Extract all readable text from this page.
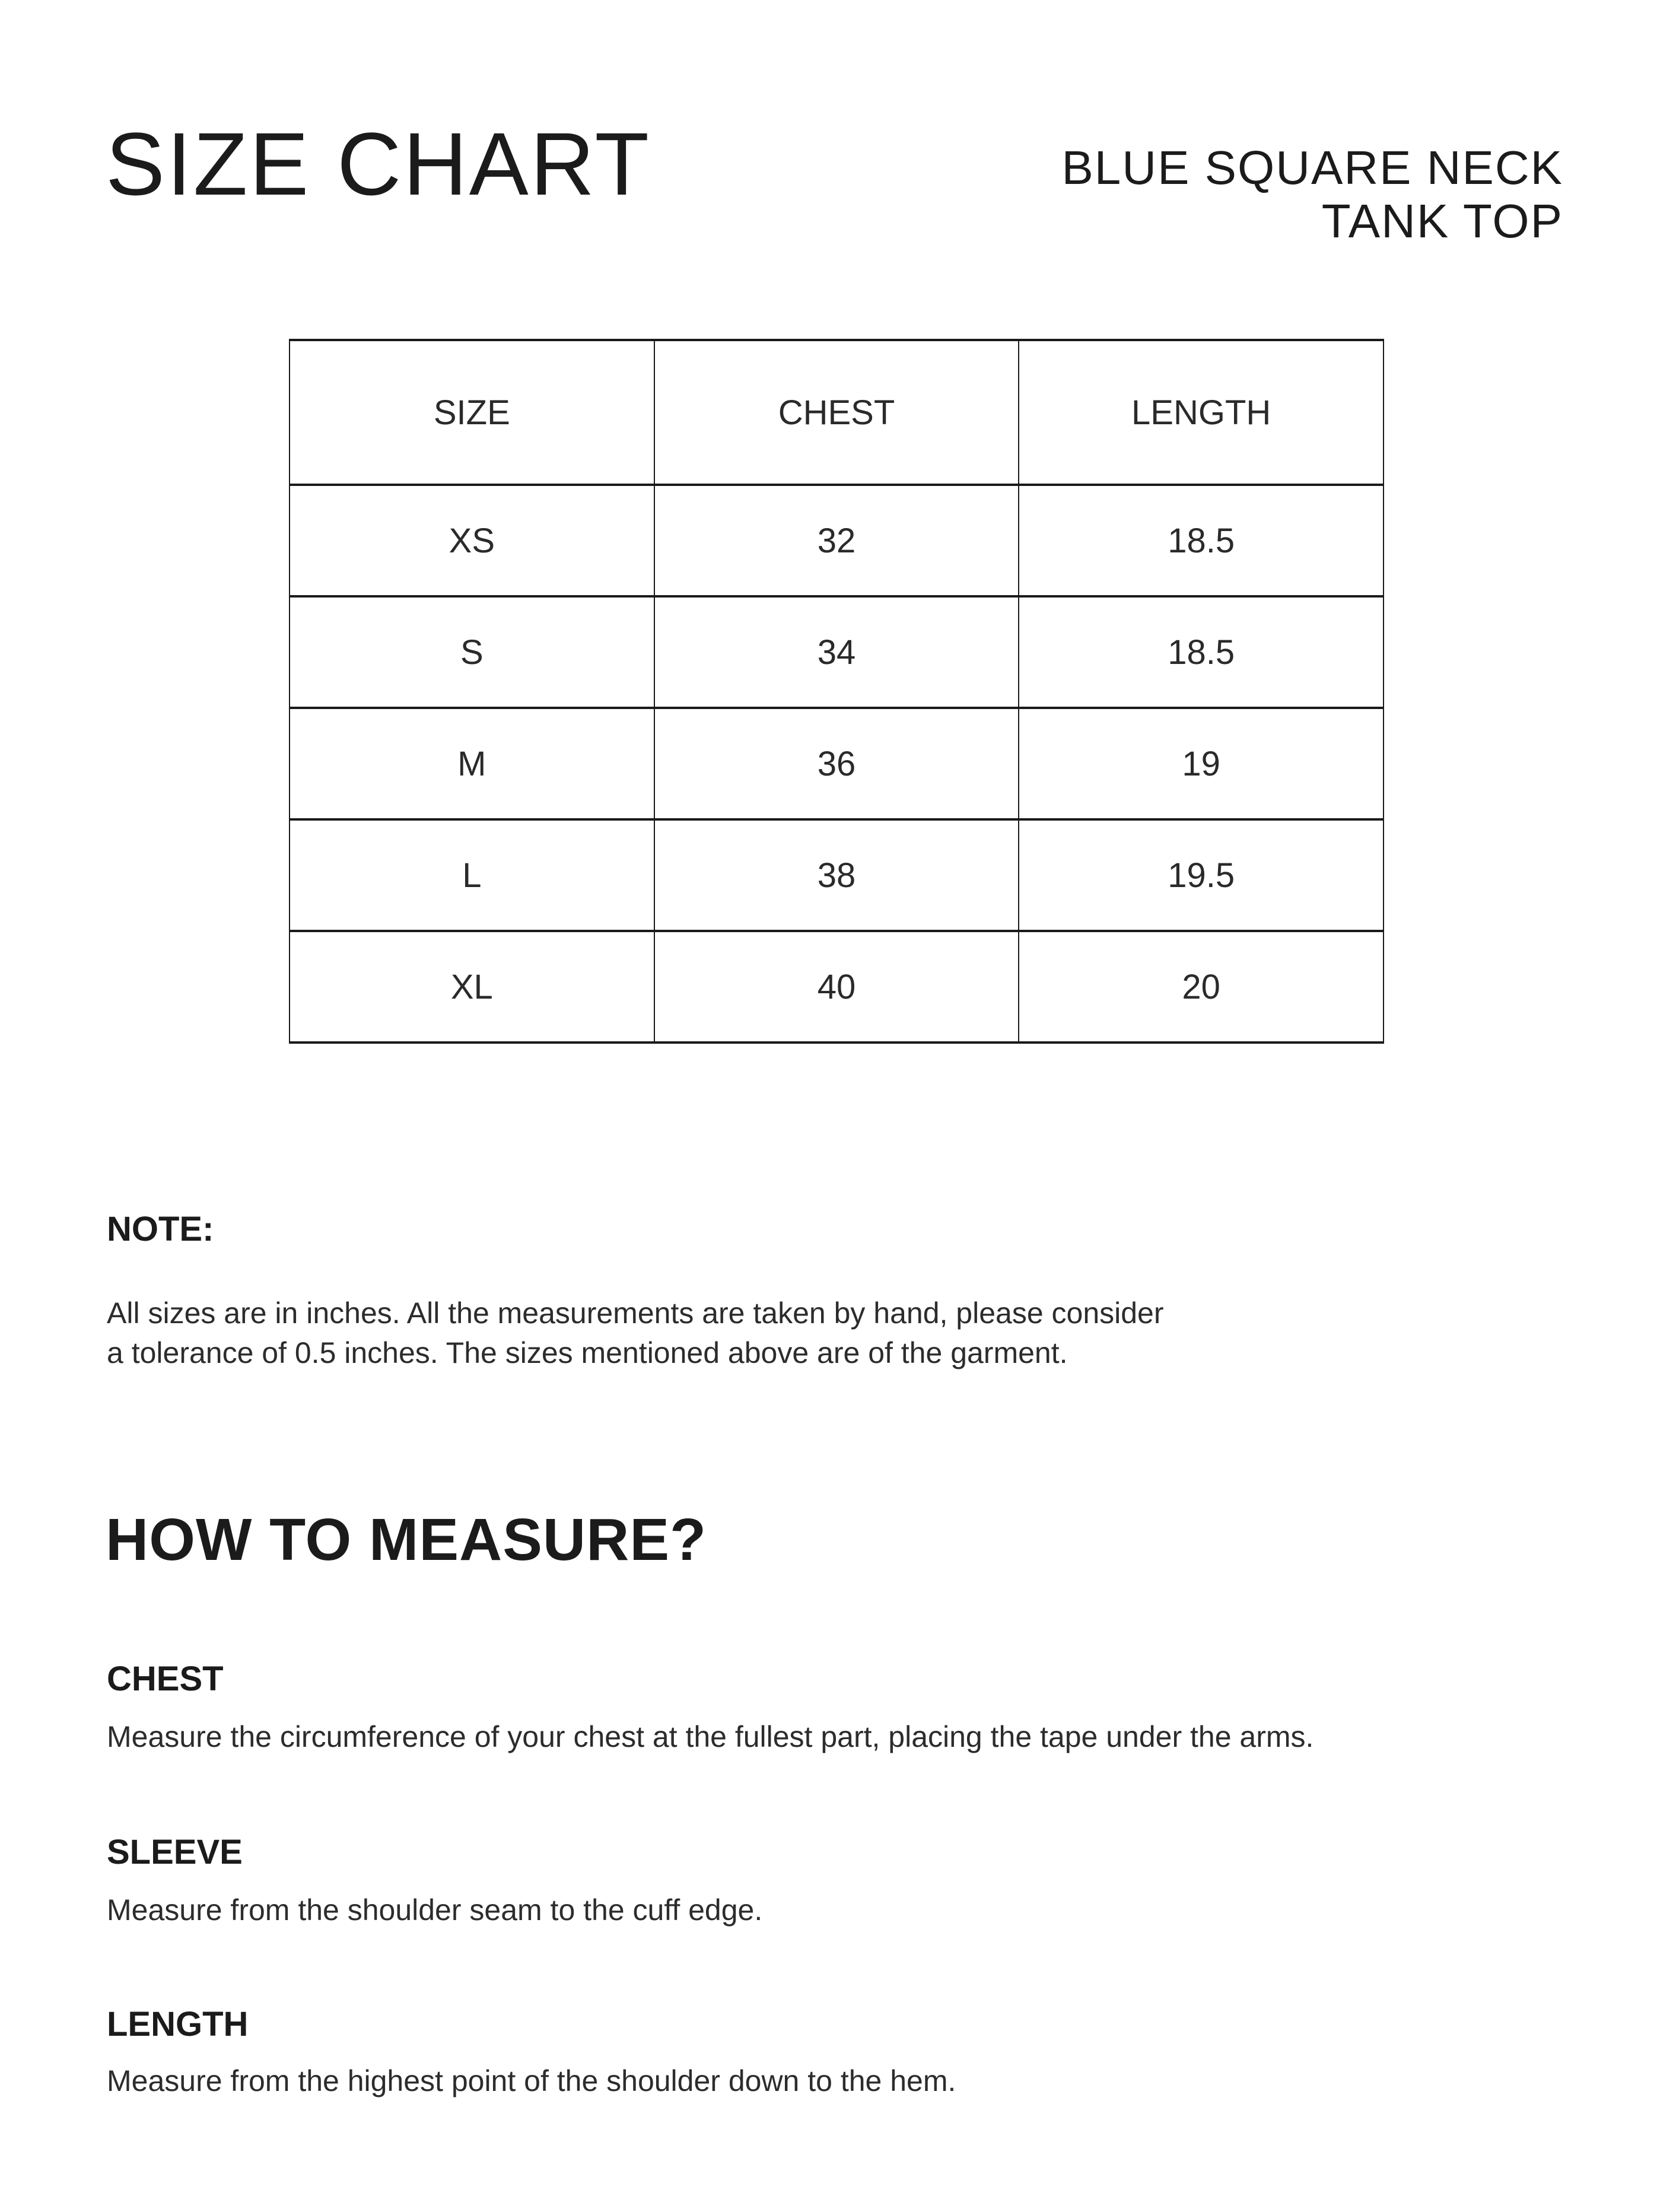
SIZE CHART	BLUE SQUARE NECK
TANK TOP
SIZE	CHEST	LENGTH
XS	32	18.5
S	34	18.5
M	36	19
L	38	19.5
XL	40	20
NOTE:
All sizes are in inches. All the measurements are taken by hand, please consider
a tolerance of 0.5 inches. The sizes mentioned above are of the garment.
HOW TO MEASURE?
CHEST

Measure the circumference of your chest at the fullest part, placing the tape under the arms.

SLEEVE

Measure from the shoulder seam to the cuff edge.

LENGTH

Measure from the highest point of the shoulder down to the hem.
